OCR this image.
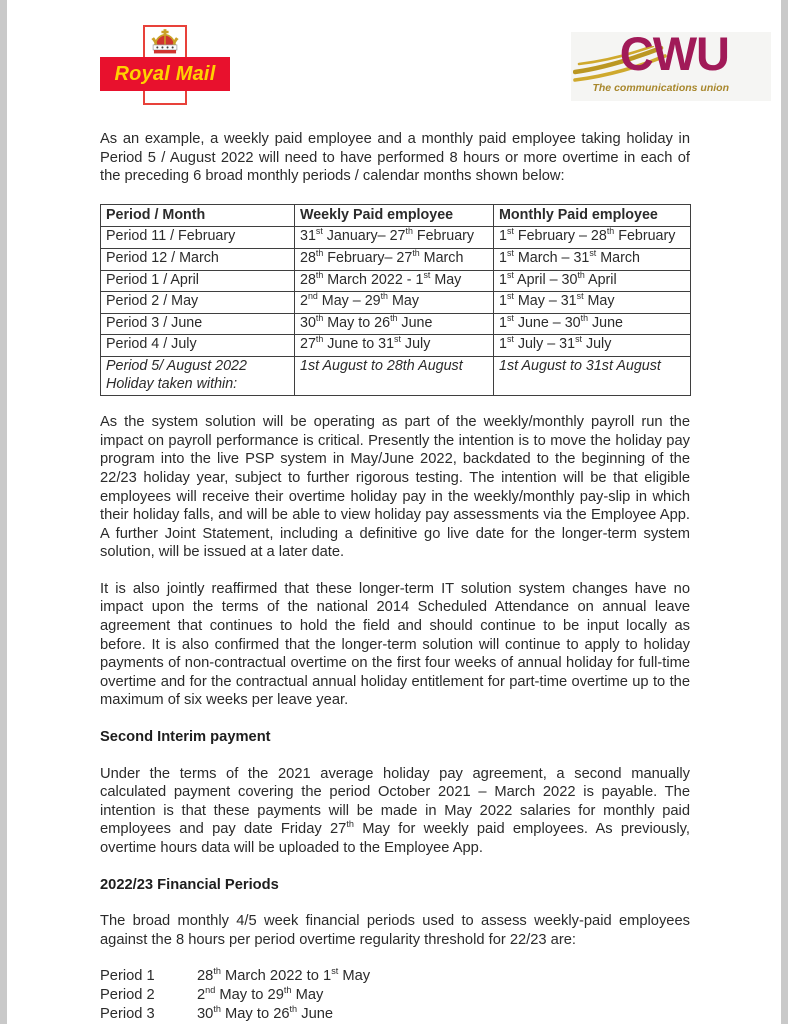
Royal Mail	CWU
The communications union

As an example, a weekly paid employee and a monthly paid employee taking holiday in Period 5 / August 2022 will need to have performed 8 hours or more overtime in each of the preceding 6 broad monthly periods / calendar months shown below:

Period / Month	Weekly Paid employee	Monthly Paid employee
Period 11 / February	31st January– 27th February	1st February – 28th February
Period 12 / March	28th February– 27th March	1st March – 31st March
Period 1 / April	28th March 2022 - 1st May	1st April – 30th April
Period 2 / May	2nd May – 29th May	1st May – 31st May
Period 3 / June	30th May to 26th June	1st June – 30th June
Period 4 / July	27th June to 31st July	1st July – 31st July

Period 5/ August 2022
Holiday taken within:	1st August to 28th August	1st August to 31st August

As the system solution will be operating as part of the weekly/monthly payroll run the impact on payroll performance is critical. Presently the intention is to move the holiday pay program into the live PSP system in May/June 2022, backdated to the beginning of the 22/23 holiday year, subject to further rigorous testing. The intention will be that eligible employees will receive their overtime holiday pay in the weekly/monthly pay-slip in which their holiday falls, and will be able to view holiday pay assessments via the Employee App. A further Joint Statement, including a definitive go live date for the longer-term system solution, will be issued at a later date.

It is also jointly reaffirmed that these longer-term IT solution system changes have no impact upon the terms of the national 2014 Scheduled Attendance on annual leave agreement that continues to hold the field and should continue to be input locally as before. It is also confirmed that the longer-term solution will continue to apply to holiday payments of non-contractual overtime on the first four weeks of annual holiday for full-time overtime and for the contractual annual holiday entitlement for part-time overtime up to the maximum of six weeks per leave year.

Second Interim payment

Under the terms of the 2021 average holiday pay agreement, a second manually calculated payment covering the period October 2021 – March 2022 is payable. The intention is that these payments will be made in May 2022 salaries for monthly paid employees and pay date Friday 27th May for weekly paid employees. As previously, overtime hours data will be uploaded to the Employee App.

2022/23 Financial Periods

The broad monthly 4/5 week financial periods used to assess weekly-paid employees against the 8 hours per period overtime regularity threshold for 22/23 are:

Period 1	28th March 2022 to 1st May
Period 2	2nd May to 29th May
Period 3	30th May to 26th June
